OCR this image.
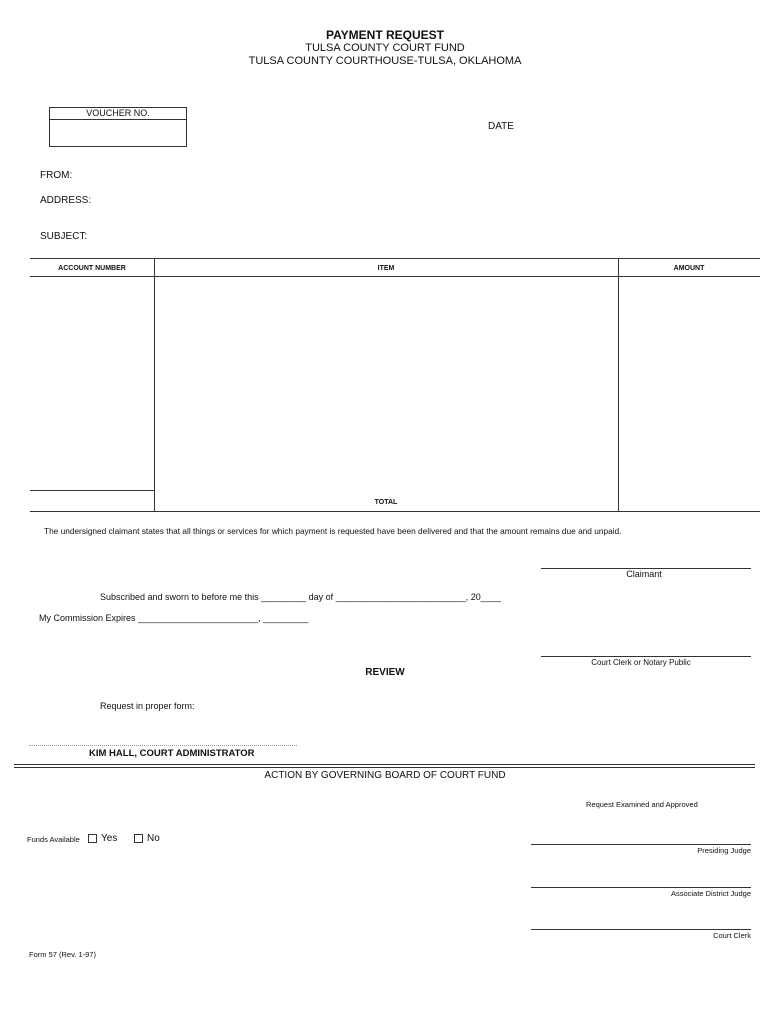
PAYMENT REQUEST
TULSA COUNTY COURT FUND
TULSA COUNTY COURTHOUSE-TULSA, OKLAHOMA
VOUCHER NO.
DATE
FROM:
ADDRESS:
SUBJECT:
ACCOUNT NUMBER	ITEM	AMOUNT
TOTAL
The undersigned claimant states that all things or services for which payment is requested have been delivered and that the amount remains due and unpaid.
Claimant
Subscribed and sworn to before me this _________ day of __________________________, 20____
My Commission Expires ________________________, _________
Court Clerk or Notary Public
REVIEW
Request in proper form:
KIM HALL, COURT ADMINISTRATOR
ACTION BY GOVERNING BOARD OF COURT FUND
Request Examined and Approved
Funds Available	Yes	No
Presiding Judge
Associate District Judge
Court Clerk
Form 57 (Rev. 1-97)
